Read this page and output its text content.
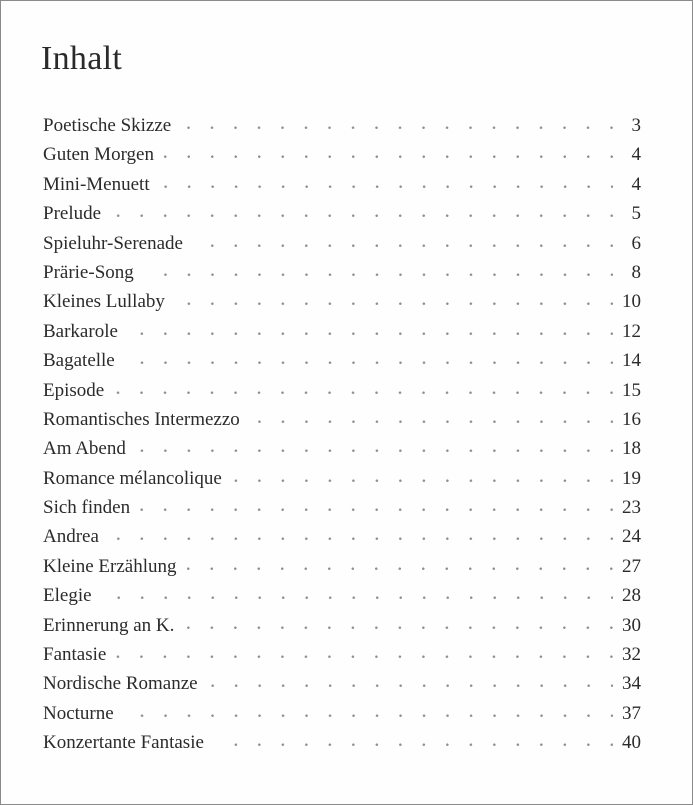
Inhalt
Poetische Skizze	3
Guten Morgen	4
Mini-Menuett	4
Prelude	5
Spieluhr-Serenade	6
Prärie-Song	8
Kleines Lullaby	10
Barkarole	12
Bagatelle	14
Episode	15
Romantisches Intermezzo	16
Am Abend	18
Romance mélancolique	19
Sich finden	23
Andrea	24
Kleine Erzählung	27
Elegie	28
Erinnerung an K.	30
Fantasie	32
Nordische Romanze	34
Nocturne	37
Konzertante Fantasie	40
